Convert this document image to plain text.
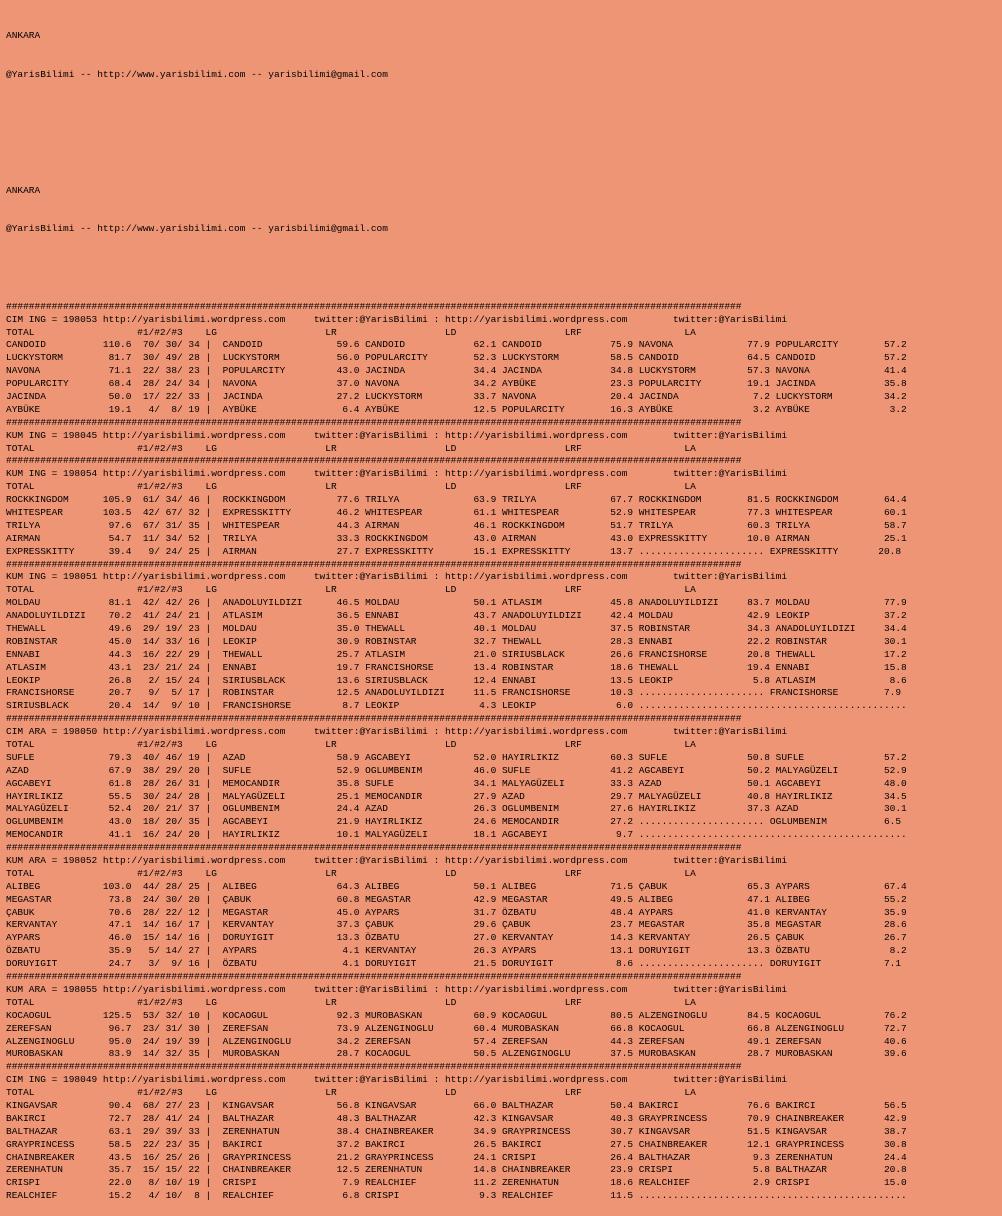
ANKARA

@YarisBilimi -- http://www.yarisbilimi.com -- yarisbilimi@gmail.com

ANKARA

@YarisBilimi -- http://www.yarisbilimi.com -- yarisbilimi@gmail.com

#################################################################################################################################
CIM ING = 198053 http://yarisbilimi.wordpress.com     twitter:@YarisBilimi : http://yarisbilimi.wordpress.com        twitter:@YarisBilimi
TOTAL                  #1/#2/#3    LG                   LR                   LD                   LRF                  LA
CANDOID          110.6  70/ 30/ 34 |  CANDOID             59.6 CANDOID            62.1 CANDOID            75.9 NAVONA             77.9 POPULARCITY        57.2
LUCKYSTORM        81.7  30/ 49/ 28 |  LUCKYSTORM          56.0 POPULARCITY        52.3 LUCKYSTORM         58.5 CANDOID            64.5 CANDOID            57.2
NAVONA            71.1  22/ 38/ 23 |  POPULARCITY         43.0 JACINDA            34.4 JACINDA            34.8 LUCKYSTORM         57.3 NAVONA             41.4
POPULARCITY       68.4  28/ 24/ 34 |  NAVONA              37.0 NAVONA             34.2 AYBÜKE             23.3 POPULARCITY        19.1 JACINDA            35.8
JACINDA           50.0  17/ 22/ 33 |  JACINDA             27.2 LUCKYSTORM         33.7 NAVONA             20.4 JACINDA             7.2 LUCKYSTORM         34.2
AYBÜKE            19.1   4/  8/ 19 |  AYBÜKE               6.4 AYBÜKE             12.5 POPULARCITY        16.3 AYBÜKE              3.2 AYBÜKE              3.2
#################################################################################################################################
KUM ING = 198045 http://yarisbilimi.wordpress.com     twitter:@YarisBilimi : http://yarisbilimi.wordpress.com        twitter:@YarisBilimi
TOTAL                  #1/#2/#3    LG                   LR                   LD                   LRF                  LA
#################################################################################################################################
KUM ING = 198054 http://yarisbilimi.wordpress.com     twitter:@YarisBilimi : http://yarisbilimi.wordpress.com        twitter:@YarisBilimi
TOTAL                  #1/#2/#3    LG                   LR                   LD                   LRF                  LA
ROCKKINGDOM      105.9  61/ 34/ 46 |  ROCKKINGDOM         77.6 TRILYA             63.9 TRILYA             67.7 ROCKKINGDOM        81.5 ROCKKINGDOM        64.4
WHITESPEAR       103.5  42/ 67/ 32 |  EXPRESSKITTY        46.2 WHITESPEAR         61.1 WHITESPEAR         52.9 WHITESPEAR         77.3 WHITESPEAR         60.1
TRILYA            97.6  67/ 31/ 35 |  WHITESPEAR          44.3 AIRMAN             46.1 ROCKKINGDOM        51.7 TRILYA             60.3 TRILYA             58.7
AIRMAN            54.7  11/ 34/ 52 |  TRILYA              33.3 ROCKKINGDOM        43.0 AIRMAN             43.0 EXPRESSKITTY       10.0 AIRMAN             25.1
EXPRESSKITTY      39.4   9/ 24/ 25 |  AIRMAN              27.7 EXPRESSKITTY       15.1 EXPRESSKITTY       13.7 ...................... EXPRESSKITTY       20.8
#################################################################################################################################
KUM ING = 198051 http://yarisbilimi.wordpress.com     twitter:@YarisBilimi : http://yarisbilimi.wordpress.com        twitter:@YarisBilimi
TOTAL                  #1/#2/#3    LG                   LR                   LD                   LRF                  LA
MOLDAU            81.1  42/ 42/ 26 |  ANADOLUYILDIZI      46.5 MOLDAU             50.1 ATLASIM            45.8 ANADOLUYILDIZI     83.7 MOLDAU             77.9
ANADOLUYILDIZI    70.2  41/ 24/ 21 |  ATLASIM             36.5 ENNABI             43.7 ANADOLUYILDIZI     42.4 MOLDAU             42.9 LEOKIP             37.2
THEWALL           49.6  29/ 19/ 23 |  MOLDAU              35.0 THEWALL            40.1 MOLDAU             37.5 ROBINSTAR          34.3 ANADOLUYILDIZI     34.4
ROBINSTAR         45.0  14/ 33/ 16 |  LEOKIP              30.9 ROBINSTAR          32.7 THEWALL            28.3 ENNABI             22.2 ROBINSTAR          30.1
ENNABI            44.3  16/ 22/ 29 |  THEWALL             25.7 ATLASIM            21.0 SIRIUSBLACK        26.6 FRANCISHORSE       20.8 THEWALL            17.2
ATLASIM           43.1  23/ 21/ 24 |  ENNABI              19.7 FRANCISHORSE       13.4 ROBINSTAR          18.6 THEWALL            19.4 ENNABI             15.8
LEOKIP            26.8   2/ 15/ 24 |  SIRIUSBLACK         13.6 SIRIUSBLACK        12.4 ENNABI             13.5 LEOKIP              5.8 ATLASIM             8.6
FRANCISHORSE      20.7   9/  5/ 17 |  ROBINSTAR           12.5 ANADOLUYILDIZI     11.5 FRANCISHORSE       10.3 ...................... FRANCISHORSE        7.9
SIRIUSBLACK       20.4  14/  9/ 10 |  FRANCISHORSE         8.7 LEOKIP              4.3 LEOKIP              6.0 ...............................................
#################################################################################################################################
CIM ARA = 198050 http://yarisbilimi.wordpress.com     twitter:@YarisBilimi : http://yarisbilimi.wordpress.com        twitter:@YarisBilimi
TOTAL                  #1/#2/#3    LG                   LR                   LD                   LRF                  LA
SUFLE             79.3  40/ 46/ 19 |  AZAD                58.9 AGCABEYI           52.0 HAYIRLIKIZ         60.3 SUFLE              50.8 SUFLE              57.2
AZAD              67.9  38/ 29/ 20 |  SUFLE               52.9 OGLUMBENIM         46.0 SUFLE              41.2 AGCABEYI           50.2 MALYAGÜZELI        52.9
AGCABEYI          61.8  28/ 26/ 31 |  MEMOCANDIR          35.8 SUFLE              34.1 MALYAGÜZELI        33.3 AZAD               50.1 AGCABEYI           48.0
HAYIRLIKIZ        55.5  30/ 24/ 28 |  MALYAGÜZELI         25.1 MEMOCANDIR         27.9 AZAD               29.7 MALYAGÜZELI        40.8 HAYIRLIKIZ         34.5
MALYAGÜZELI       52.4  20/ 21/ 37 |  OGLUMBENIM          24.4 AZAD               26.3 OGLUMBENIM         27.6 HAYIRLIKIZ         37.3 AZAD               30.1
OGLUMBENIM        43.0  18/ 20/ 35 |  AGCABEYI            21.9 HAYIRLIKIZ         24.6 MEMOCANDIR         27.2 ...................... OGLUMBENIM          6.5
MEMOCANDIR        41.1  16/ 24/ 20 |  HAYIRLIKIZ          10.1 MALYAGÜZELI        18.1 AGCABEYI            9.7 ...............................................
#################################################################################################################################
KUM ARA = 198052 http://yarisbilimi.wordpress.com     twitter:@YarisBilimi : http://yarisbilimi.wordpress.com        twitter:@YarisBilimi
TOTAL                  #1/#2/#3    LG                   LR                   LD                   LRF                  LA
ALIBEG           103.0  44/ 28/ 25 |  ALIBEG              64.3 ALIBEG             50.1 ALIBEG             71.5 ÇABUK              65.3 AYPARS             67.4
MEGASTAR          73.8  24/ 30/ 20 |  ÇABUK               60.8 MEGASTAR           42.9 MEGASTAR           49.5 ALIBEG             47.1 ALIBEG             55.2
ÇABUK             70.6  28/ 22/ 12 |  MEGASTAR            45.0 AYPARS             31.7 ÖZBATU             48.4 AYPARS             41.0 KERVANTAY          35.9
KERVANTAY         47.1  14/ 16/ 17 |  KERVANTAY           37.3 ÇABUK              29.6 ÇABUK              23.7 MEGASTAR           35.8 MEGASTAR           28.6
AYPARS            46.0  15/ 14/ 16 |  DORUYIGIT           13.3 ÖZBATU             27.0 KERVANTAY          14.3 KERVANTAY          26.5 ÇABUK              26.7
ÖZBATU            35.9   5/ 14/ 27 |  AYPARS               4.1 KERVANTAY          26.3 AYPARS             13.1 DORUYIGIT          13.3 ÖZBATU              8.2
DORUYIGIT         24.7   3/  9/ 16 |  ÖZBATU               4.1 DORUYIGIT          21.5 DORUYIGIT           8.6 ...................... DORUYIGIT           7.1
#################################################################################################################################
KUM ARA = 198055 http://yarisbilimi.wordpress.com     twitter:@YarisBilimi : http://yarisbilimi.wordpress.com        twitter:@YarisBilimi
TOTAL                  #1/#2/#3    LG                   LR                   LD                   LRF                  LA
KOCAOGUL         125.5  53/ 32/ 10 |  KOCAOGUL            92.3 MUROBASKAN         60.9 KOCAOGUL           80.5 ALZENGINOGLU       84.5 KOCAOGUL           76.2
ZEREFSAN          96.7  23/ 31/ 30 |  ZEREFSAN            73.9 ALZENGINOGLU       60.4 MUROBASKAN         66.8 KOCAOGUL           66.8 ALZENGINOGLU       72.7
ALZENGINOGLU      95.0  24/ 19/ 39 |  ALZENGINOGLU        34.2 ZEREFSAN           57.4 ZEREFSAN           44.3 ZEREFSAN           49.1 ZEREFSAN           40.6
MUROBASKAN        83.9  14/ 32/ 35 |  MUROBASKAN          28.7 KOCAOGUL           50.5 ALZENGINOGLU       37.5 MUROBASKAN         28.7 MUROBASKAN         39.6
#################################################################################################################################
CIM ING = 198049 http://yarisbilimi.wordpress.com     twitter:@YarisBilimi : http://yarisbilimi.wordpress.com        twitter:@YarisBilimi
TOTAL                  #1/#2/#3    LG                   LR                   LD                   LRF                  LA
KINGAVSAR         90.4  68/ 27/ 23 |  KINGAVSAR           56.8 KINGAVSAR          66.0 BALTHAZAR          50.4 BAKIRCI            76.6 BAKIRCI            56.5
BAKIRCI           72.7  28/ 41/ 24 |  BALTHAZAR           48.3 BALTHAZAR          42.3 KINGAVSAR          40.3 GRAYPRINCESS       70.9 CHAINBREAKER       42.9
BALTHAZAR         63.1  29/ 39/ 33 |  ZERENHATUN          38.4 CHAINBREAKER       34.9 GRAYPRINCESS       30.7 KINGAVSAR          51.5 KINGAVSAR          38.7
GRAYPRINCESS      58.5  22/ 23/ 35 |  BAKIRCI             37.2 BAKIRCI            26.5 BAKIRCI            27.5 CHAINBREAKER       12.1 GRAYPRINCESS       30.8
CHAINBREAKER      43.5  16/ 25/ 26 |  GRAYPRINCESS        21.2 GRAYPRINCESS       24.1 CRISPI             26.4 BALTHAZAR           9.3 ZERENHATUN         24.4
ZERENHATUN        35.7  15/ 15/ 22 |  CHAINBREAKER        12.5 ZERENHATUN         14.8 CHAINBREAKER       23.9 CRISPI              5.8 BALTHAZAR          20.8
CRISPI            22.0   8/ 10/ 19 |  CRISPI               7.9 REALCHIEF          11.2 ZERENHATUN         18.6 REALCHIEF           2.9 CRISPI             15.0
REALCHIEF         15.2   4/ 10/  8 |  REALCHIEF            6.8 CRISPI              9.3 REALCHIEF          11.5 ...............................................
